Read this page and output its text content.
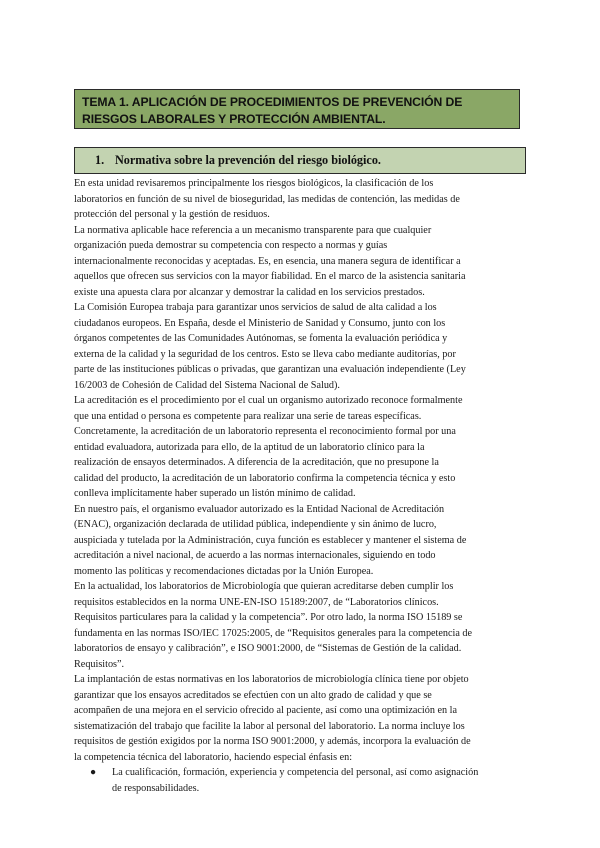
TEMA 1. APLICACIÓN DE PROCEDIMIENTOS DE PREVENCIÓN DE
RIESGOS LABORALES Y PROTECCIÓN AMBIENTAL.
1. Normativa sobre la prevención del riesgo biológico.
En esta unidad revisaremos principalmente los riesgos biológicos, la clasificación de los
laboratorios en función de su nivel de bioseguridad, las medidas de contención, las medidas de
protección del personal y la gestión de residuos.
La normativa aplicable hace referencia a un mecanismo transparente para que cualquier
organización pueda demostrar su competencia con respecto a normas y guías
internacionalmente reconocidas y aceptadas. Es, en esencia, una manera segura de identificar a
aquellos que ofrecen sus servicios con la mayor fiabilidad. En el marco de la asistencia sanitaria
existe una apuesta clara por alcanzar y demostrar la calidad en los servicios prestados.
La Comisión Europea trabaja para garantizar unos servicios de salud de alta calidad a los
ciudadanos europeos. En España, desde el Ministerio de Sanidad y Consumo, junto con los
órganos competentes de las Comunidades Autónomas, se fomenta la evaluación periódica y
externa de la calidad y la seguridad de los centros. Esto se lleva cabo mediante auditorías, por
parte de las instituciones públicas o privadas, que garantizan una evaluación independiente (Ley
16/2003 de Cohesión de Calidad del Sistema Nacional de Salud).
La acreditación es el procedimiento por el cual un organismo autorizado reconoce formalmente
que una entidad o persona es competente para realizar una serie de tareas específicas.
Concretamente, la acreditación de un laboratorio representa el reconocimiento formal por una
entidad evaluadora, autorizada para ello, de la aptitud de un laboratorio clínico para la
realización de ensayos determinados. A diferencia de la acreditación, que no presupone la
calidad del producto, la acreditación de un laboratorio confirma la competencia técnica y esto
conlleva implícitamente haber superado un listón mínimo de calidad.
En nuestro país, el organismo evaluador autorizado es la Entidad Nacional de Acreditación
(ENAC), organización declarada de utilidad pública, independiente y sin ánimo de lucro,
auspiciada y tutelada por la Administración, cuya función es establecer y mantener el sistema de
acreditación a nivel nacional, de acuerdo a las normas internacionales, siguiendo en todo
momento las políticas y recomendaciones dictadas por la Unión Europea.
En la actualidad, los laboratorios de Microbiología que quieran acreditarse deben cumplir los
requisitos establecidos en la norma UNE-EN-ISO 15189:2007, de “Laboratorios clínicos.
Requisitos particulares para la calidad y la competencia”. Por otro lado, la norma ISO 15189 se
fundamenta en las normas ISO/IEC 17025:2005, de “Requisitos generales para la competencia de
laboratorios de ensayo y calibración”, e ISO 9001:2000, de “Sistemas de Gestión de la calidad.
Requisitos”.
La implantación de estas normativas en los laboratorios de microbiología clínica tiene por objeto
garantizar que los ensayos acreditados se efectúen con un alto grado de calidad y que se
acompañen de una mejora en el servicio ofrecido al paciente, así como una optimización en la
sistematización del trabajo que facilite la labor al personal del laboratorio. La norma incluye los
requisitos de gestión exigidos por la norma ISO 9001:2000, y además, incorpora la evaluación de
la competencia técnica del laboratorio, haciendo especial énfasis en:
● La cualificación, formación, experiencia y competencia del personal, así como asignación
de responsabilidades.
